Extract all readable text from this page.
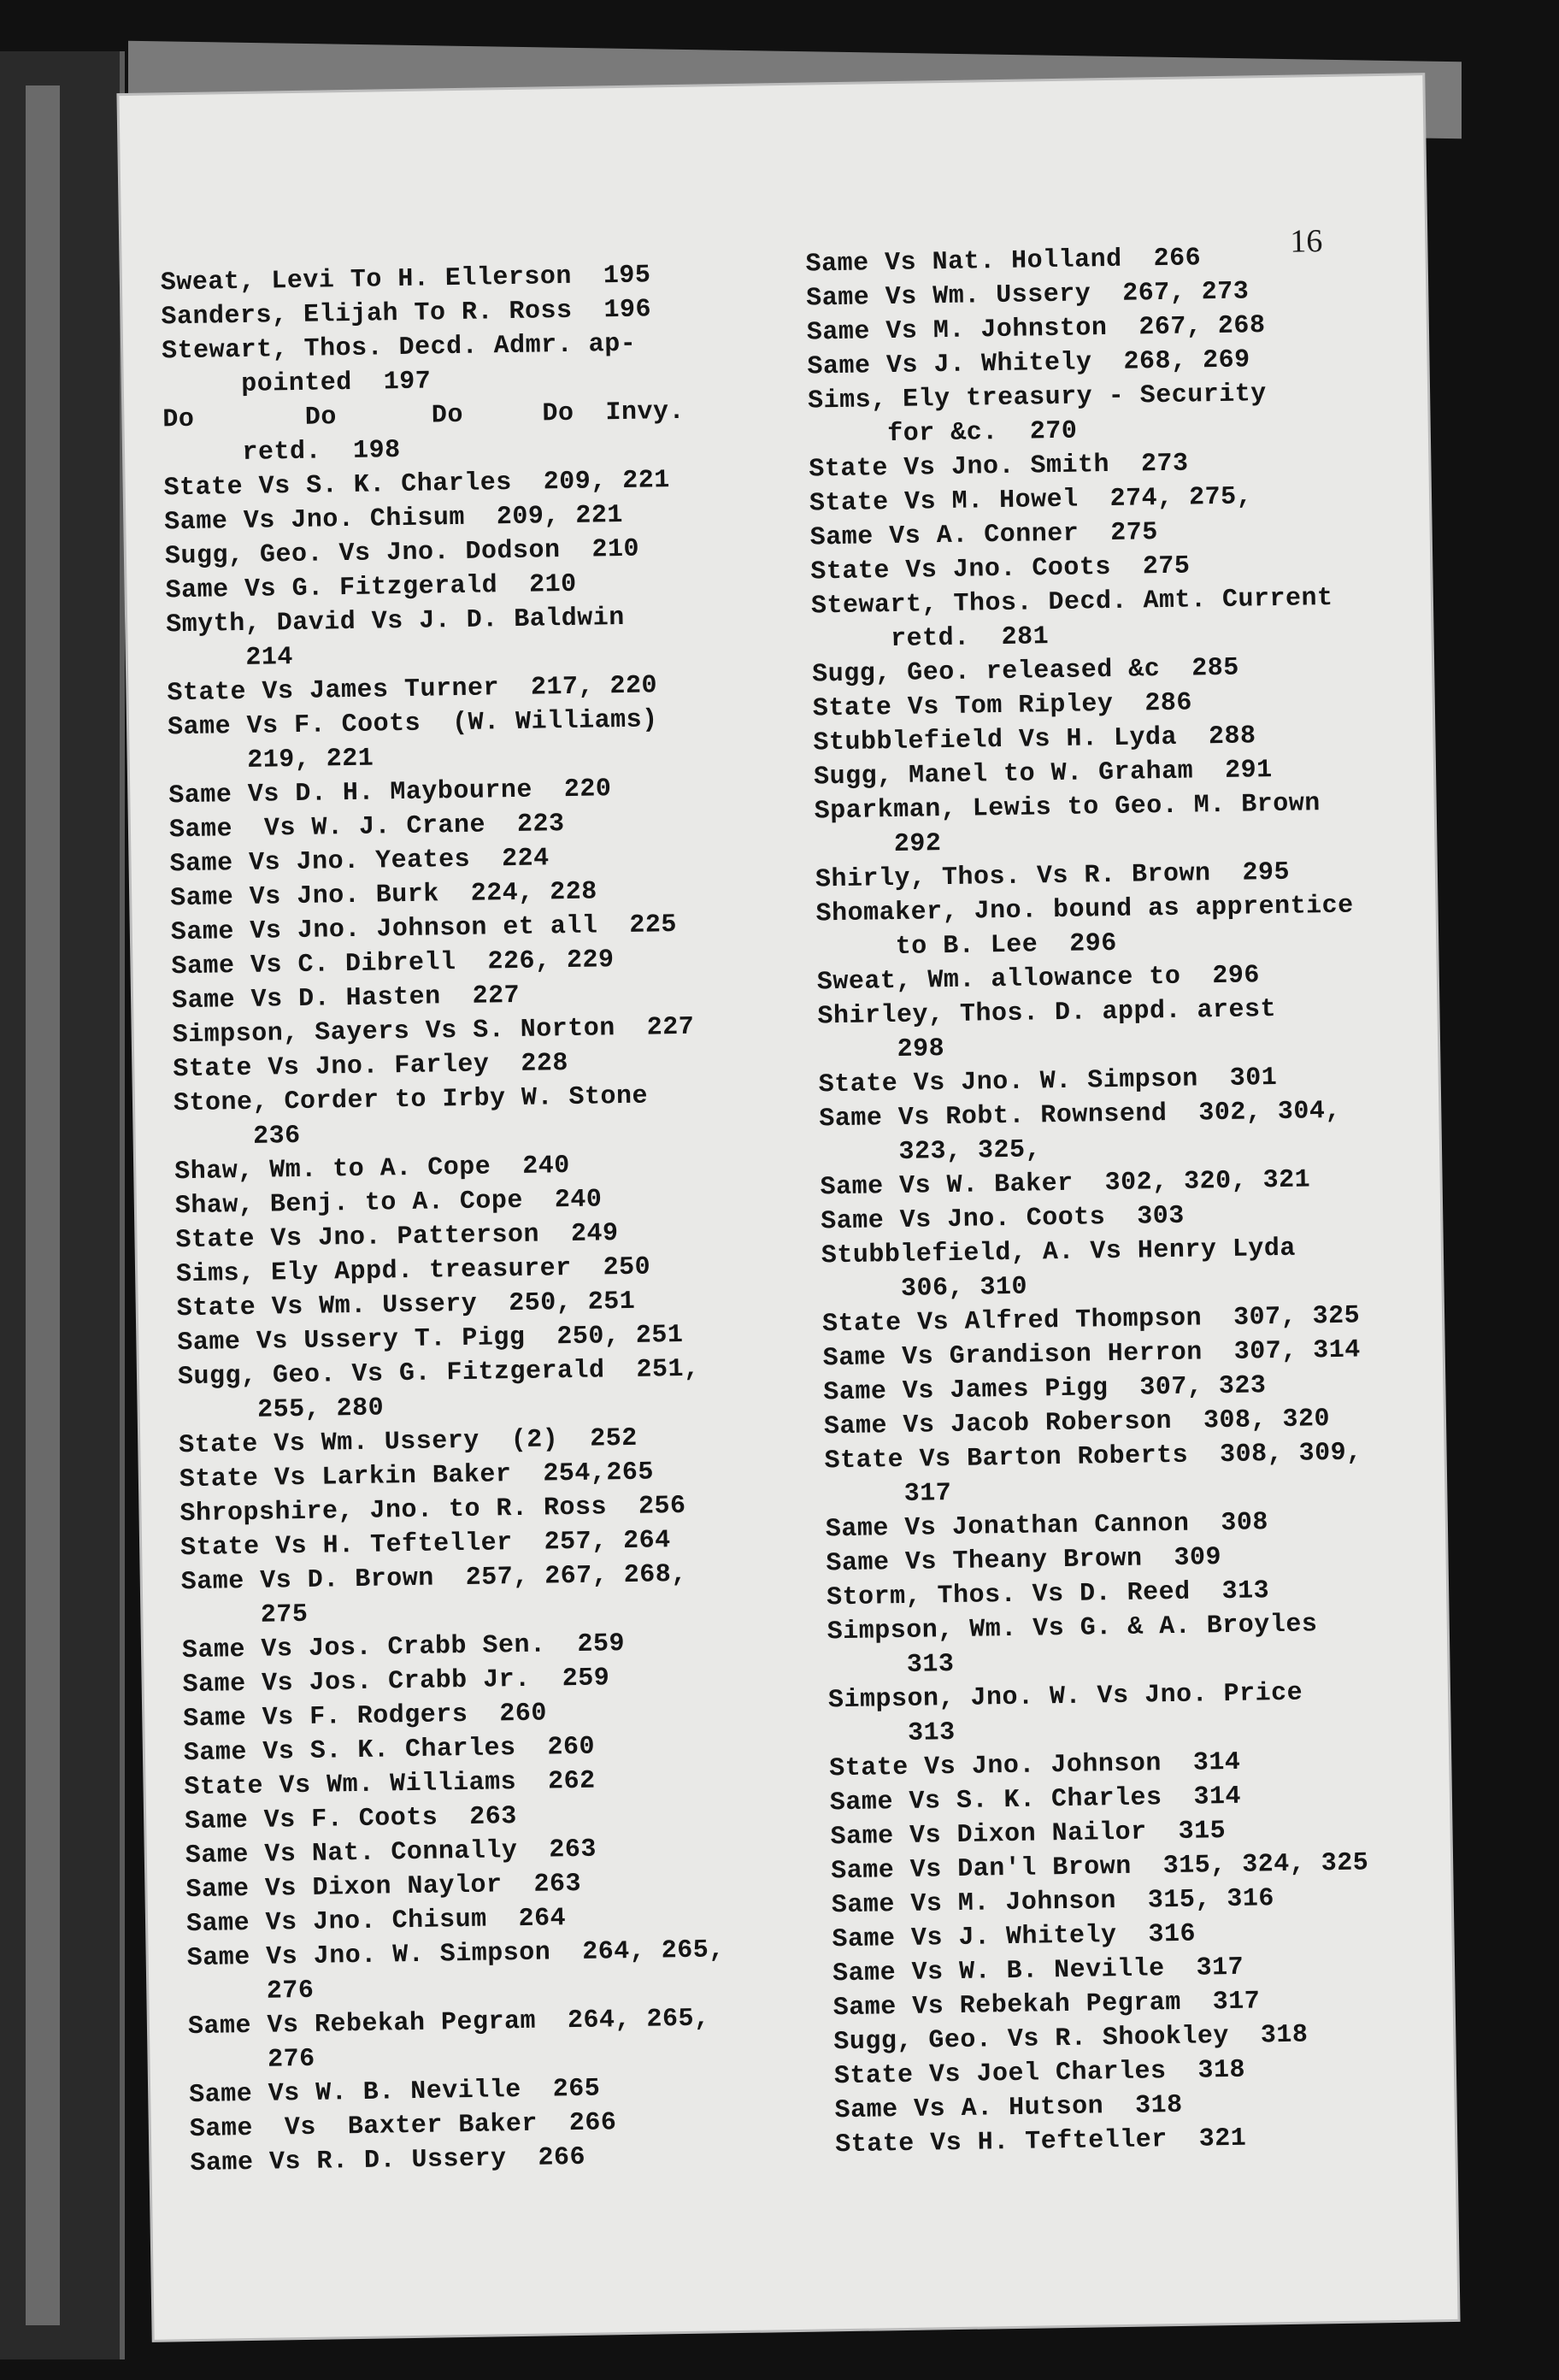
16

Sweat, Levi To H. Ellerson  195

Sanders, Elijah To R. Ross  196

Stewart, Thos. Decd. Admr. ap-

pointed  197

Do       Do      Do     Do  Invy.

retd.  198

State Vs S. K. Charles  209, 221

Same Vs Jno. Chisum  209, 221

Sugg, Geo. Vs Jno. Dodson  210

Same Vs G. Fitzgerald  210

Smyth, David Vs J. D. Baldwin

214

State Vs James Turner  217, 220

Same Vs F. Coots  (W. Williams)

219, 221

Same Vs D. H. Maybourne  220

Same  Vs W. J. Crane  223

Same Vs Jno. Yeates  224

Same Vs Jno. Burk  224, 228

Same Vs Jno. Johnson et all  225

Same Vs C. Dibrell  226, 229

Same Vs D. Hasten  227

Simpson, Sayers Vs S. Norton  227

State Vs Jno. Farley  228

Stone, Corder to Irby W. Stone

236

Shaw, Wm. to A. Cope  240

Shaw, Benj. to A. Cope  240

State Vs Jno. Patterson  249

Sims, Ely Appd. treasurer  250

State Vs Wm. Ussery  250, 251

Same Vs Ussery T. Pigg  250, 251

Sugg, Geo. Vs G. Fitzgerald  251,

255, 280

State Vs Wm. Ussery  (2)  252

State Vs Larkin Baker  254,265

Shropshire, Jno. to R. Ross  256

State Vs H. Tefteller  257, 264

Same Vs D. Brown  257, 267, 268,

275

Same Vs Jos. Crabb Sen.  259

Same Vs Jos. Crabb Jr.  259

Same Vs F. Rodgers  260

Same Vs S. K. Charles  260

State Vs Wm. Williams  262

Same Vs F. Coots  263

Same Vs Nat. Connally  263

Same Vs Dixon Naylor  263

Same Vs Jno. Chisum  264

Same Vs Jno. W. Simpson  264, 265,

276

Same Vs Rebekah Pegram  264, 265,

276

Same Vs W. B. Neville  265

Same  Vs  Baxter Baker  266

Same Vs R. D. Ussery  266

Same Vs Nat. Holland  266

Same Vs Wm. Ussery  267, 273

Same Vs M. Johnston  267, 268

Same Vs J. Whitely  268, 269

Sims, Ely treasury - Security

for &c.  270

State Vs Jno. Smith  273

State Vs M. Howel  274, 275,

Same Vs A. Conner  275

State Vs Jno. Coots  275

Stewart, Thos. Decd. Amt. Current

retd.  281

Sugg, Geo. released &c  285

State Vs Tom Ripley  286

Stubblefield Vs H. Lyda  288

Sugg, Manel to W. Graham  291

Sparkman, Lewis to Geo. M. Brown

292

Shirly, Thos. Vs R. Brown  295

Shomaker, Jno. bound as apprentice

to B. Lee  296

Sweat, Wm. allowance to  296

Shirley, Thos. D. appd. arest

298

State Vs Jno. W. Simpson  301

Same Vs Robt. Rownsend  302, 304,

323, 325,

Same Vs W. Baker  302, 320, 321

Same Vs Jno. Coots  303

Stubblefield, A. Vs Henry Lyda

306, 310

State Vs Alfred Thompson  307, 325

Same Vs Grandison Herron  307, 314

Same Vs James Pigg  307, 323

Same Vs Jacob Roberson  308, 320

State Vs Barton Roberts  308, 309,

317

Same Vs Jonathan Cannon  308

Same Vs Theany Brown  309

Storm, Thos. Vs D. Reed  313

Simpson, Wm. Vs G. & A. Broyles

313

Simpson, Jno. W. Vs Jno. Price

313

State Vs Jno. Johnson  314

Same Vs S. K. Charles  314

Same Vs Dixon Nailor  315

Same Vs Dan'l Brown  315, 324, 325

Same Vs M. Johnson  315, 316

Same Vs J. Whitely  316

Same Vs W. B. Neville  317

Same Vs Rebekah Pegram  317

Sugg, Geo. Vs R. Shookley  318

State Vs Joel Charles  318

Same Vs A. Hutson  318

State Vs H. Tefteller  321
